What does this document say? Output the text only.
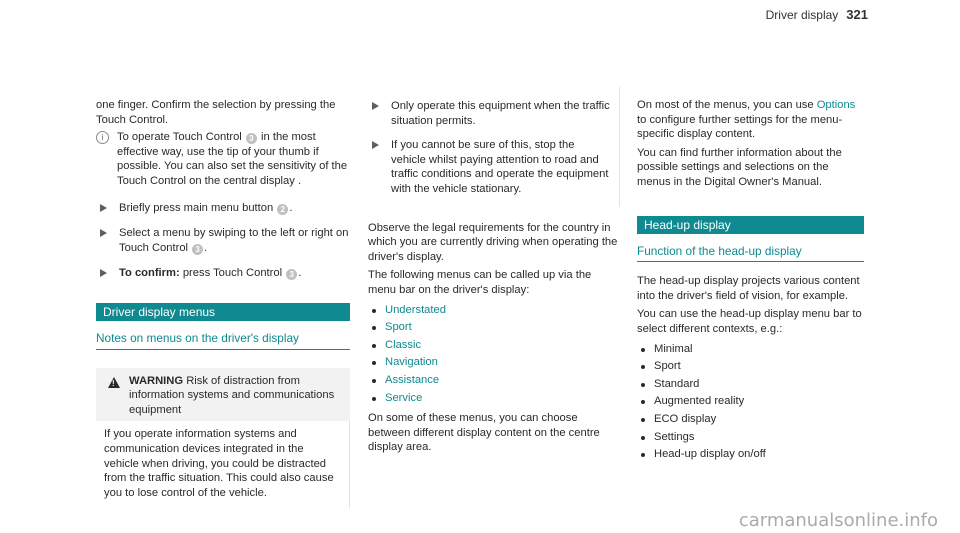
Driver display 321

one finger. Confirm the selection by pressing the Touch Control.

i	To operate Touch Control 3 in the most effective way, use the tip of your thumb if possible. You can also set the sensitivity of the Touch Control on the central display .

Briefly press main menu button 2 .

Select a menu by swiping to the left or right on Touch Control 3 .

To confirm: press Touch Control 3 .

Driver display menus
Notes on menus on the driver's display
! WARNING Risk of distraction from information systems and communications equipment

If you operate information systems and communication devices integrated in the vehicle when driving, you could be distracted from the traffic situation. This could also cause you to lose control of the vehicle.

Only operate this equipment when the traffic situation permits.

If you cannot be sure of this, stop the vehicle whilst paying attention to road and traffic conditions and operate the equipment with the vehicle stationary.

Observe the legal requirements for the country in which you are currently driving when operating the driver's display.

The following menus can be called up via the menu bar on the driver's display:

Understated
Sport
Classic
Navigation
Assistance
Service

On some of these menus, you can choose between different display content on the centre display area.

On most of the menus, you can use Options to configure further settings for the menu-specific display content.

You can find further information about the possible settings and selections on the menus in the Digital Owner's Manual.

Head-up display
Function of the head-up display

The head-up display projects various content into the driver's field of vision, for example.

You can use the head-up display menu bar to select different contexts, e.g.:

Minimal
Sport
Standard
Augmented reality
ECO display
Settings
Head-up display on/off
carmanualsonline.info
